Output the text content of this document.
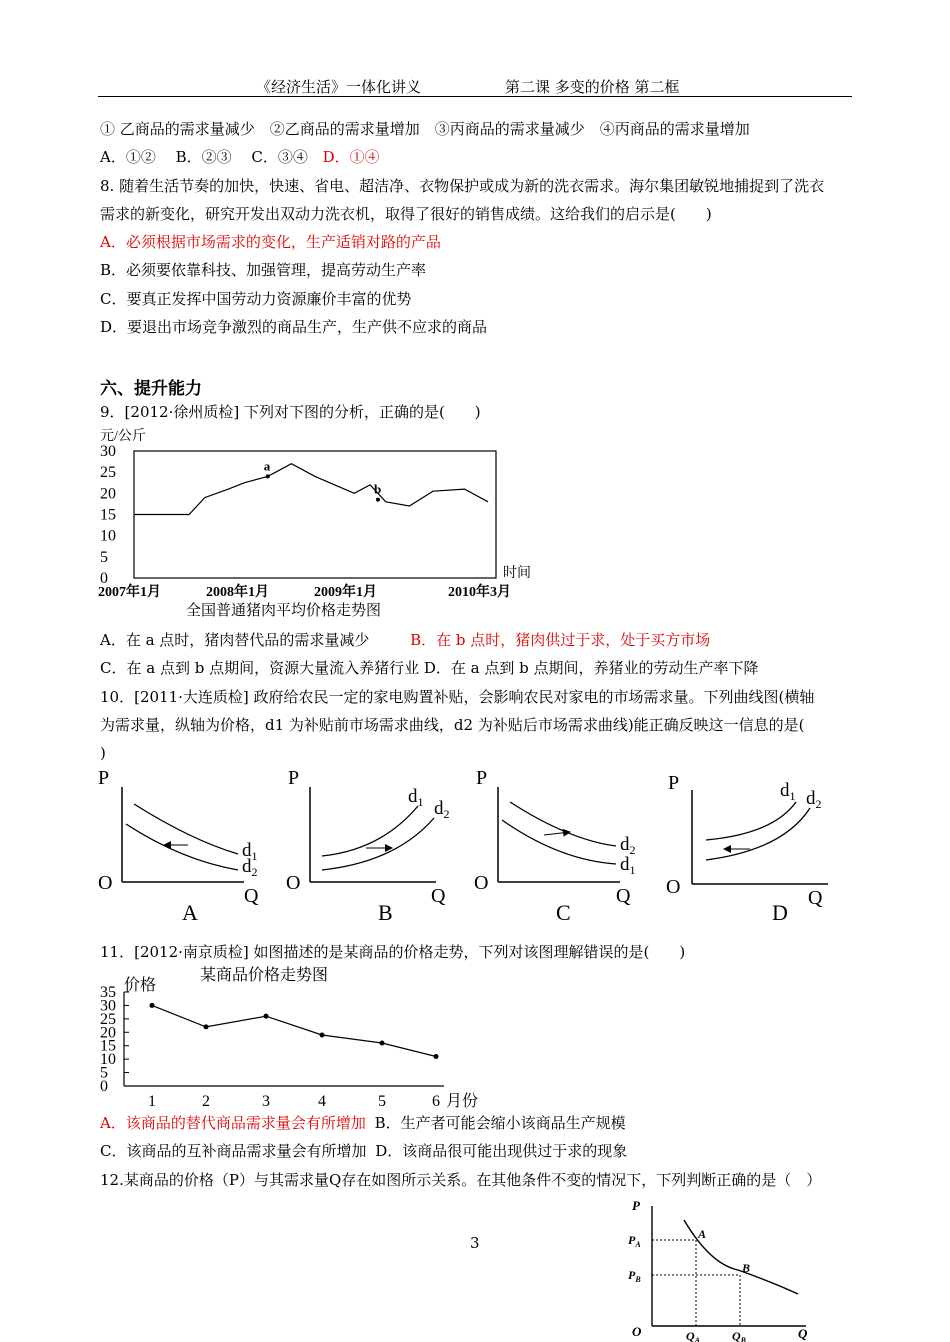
《经济生活》一体化讲义	第二课 多变的价格 第二框
① 乙商品的需求量减少　②乙商品的需求量增加　③丙商品的需求量减少　④丙商品的需求量增加
A．①②　 B．②③　 C．③④ D．①④
8. 随着生活节奏的加快，快速、省电、超洁净、衣物保护或成为新的洗衣需求。海尔集团敏锐地捕捉到了洗衣
需求的新变化，研究开发出双动力洗衣机，取得了很好的销售成绩。这给我们的启示是(　　)
A．必须根据市场需求的变化，生产适销对路的产品
B．必须要依靠科技、加强管理，提高劳动生产率
C．要真正发挥中国劳动力资源廉价丰富的优势
D．要退出市场竞争激烈的商品生产，生产供不应求的商品
六、提升能力
9．[2012·徐州质检] 下列对下图的分析，正确的是(　　)
元/公斤
30
25
20
15
10
5
0
2007年1月	2008年1月	2009年1月	2010年3月
a
b
时间
全国普通猪肉平均价格走势图
A．在 a 点时，猪肉替代品的需求量减少	B．在 b 点时，猪肉供过于求，处于买方市场
C．在 a 点到 b 点期间，资源大量流入养猪行业 D．在 a 点到 b 点期间，养猪业的劳动生产率下降
10．[2011·大连质检] 政府给农民一定的家电购置补贴，会影响农民对家电的市场需求量。下列曲线图(横轴
为需求量，纵轴为价格，d1 为补贴前市场需求曲线，d2 为补贴后市场需求曲线)能正确反映这一信息的是(
)
P
O
Q
A
$d_1$
$d_2$
P
O
Q
B
$d_1$ $d_2$
P
O
Q
C
$d_2$
$d_1$
P
O	Q
D
$d_1$ $d_2$
11．[2012·南京质检] 如图描述的是某商品的价格走势，下列对该图理解错误的是(　　)
某商品价格走势图
价格
35
30
25
20
15
10
5
0
1	2	3	4	5	6 月份
A．该商品的替代商品需求量会有所增加 B．生产者可能会缩小该商品生产规模
C．该商品的互补商品需求量会有所增加 D．该商品很可能出现供过于求的现象
12.某商品的价格（P）与其需求量Q存在如图所示关系。在其他条件不变的情况下，下列判断正确的是（　）
P
O	Q
$P_A$
$P_B$
$Q_A$	$Q_B$
A
B
3
